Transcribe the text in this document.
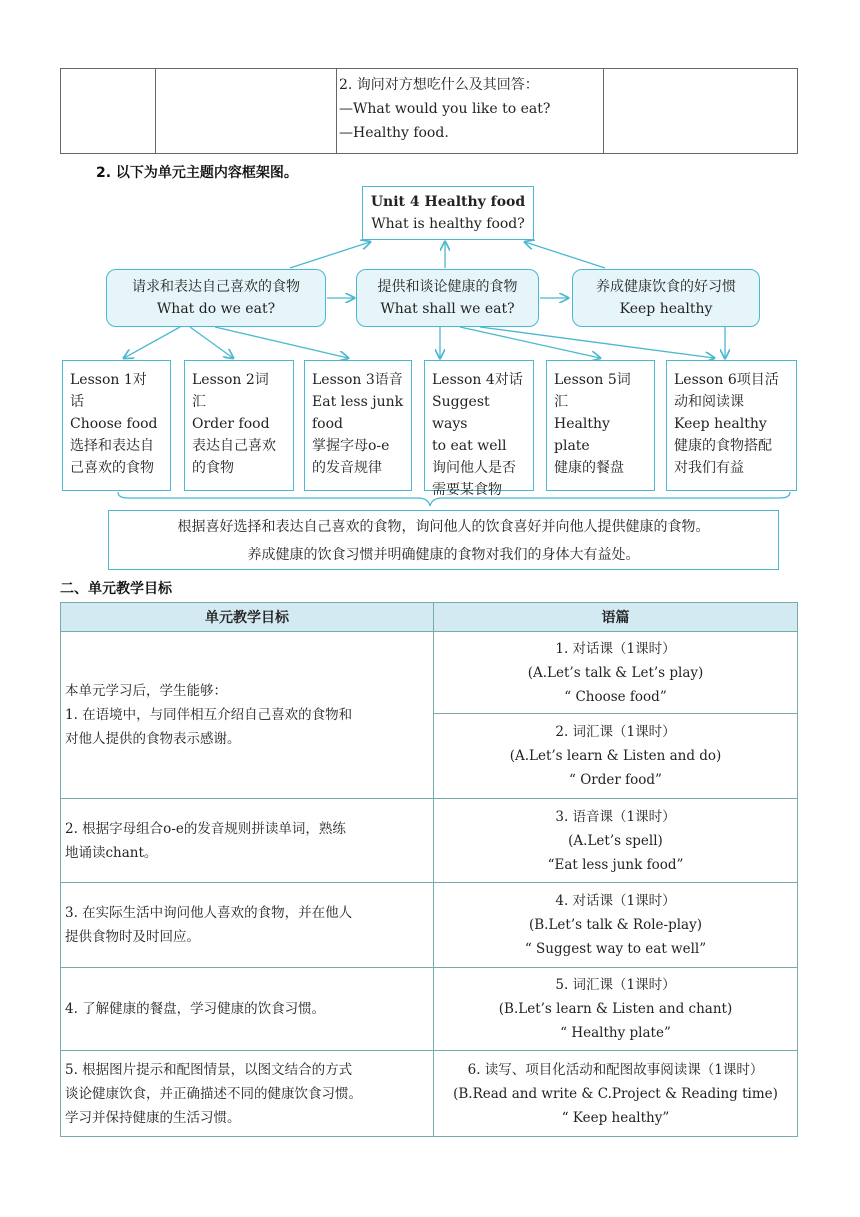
2. 询问对方想吃什么及其回答：
—What would you like to eat?
—Healthy food.

2. 以下为单元主题内容框架图。
Unit 4 Healthy food
What is healthy food?
请求和表达自己喜欢的食物
What do we eat?
提供和谈论健康的食物
What shall we eat?
养成健康饮食的好习惯
Keep healthy
Lesson 1对 话
Choose food
选择和表达自
己喜欢的食物
Lesson 2词 汇
Order food
表达自己喜欢
的食物
Lesson 3语音
Eat less junk
food
掌握字母o-e
的发音规律
Lesson 4对话
Suggest ways
to eat well
询问他人是否
需要某食物
Lesson 5词 汇
Healthy plate
健康的餐盘
Lesson 6项目活
动和阅读课
Keep healthy
健康的食物搭配
对我们有益
根据喜好选择和表达自己喜欢的食物，询问他人的饮食喜好并向他人提供健康的食物。
养成健康的饮食习惯并明确健康的食物对我们的身体大有益处。
二、单元教学目标
单元教学目标	语篇

本单元学习后，学生能够：
1. 在语境中，与同伴相互介绍自己喜欢的食物和
对他人提供的食物表示感谢。	1. 对话课（1课时）
(A.Let’s talk & Let’s play)
“ Choose food”

	2. 词汇课（1课时）
(A.Let’s learn & Listen and do)
“ Order food”

2. 根据字母组合o-e的发音规则拼读单词，熟练
地诵读chant。	3. 语音课（1课时）
(A.Let’s spell)
“Eat less junk food”

3. 在实际生活中询问他人喜欢的食物，并在他人
提供食物时及时回应。	4. 对话课（1课时）
(B.Let’s talk & Role-play)
“ Suggest way to eat well”

4. 了解健康的餐盘，学习健康的饮食习惯。	5. 词汇课（1课时）
(B.Let’s learn & Listen and chant)
“ Healthy plate”

5. 根据图片提示和配图情景，以图文结合的方式
谈论健康饮食，并正确描述不同的健康饮食习惯。
学习并保持健康的生活习惯。	6. 读写、项目化活动和配图故事阅读课（1课时）
(B.Read and write & C.Project & Reading time)
“ Keep healthy”
